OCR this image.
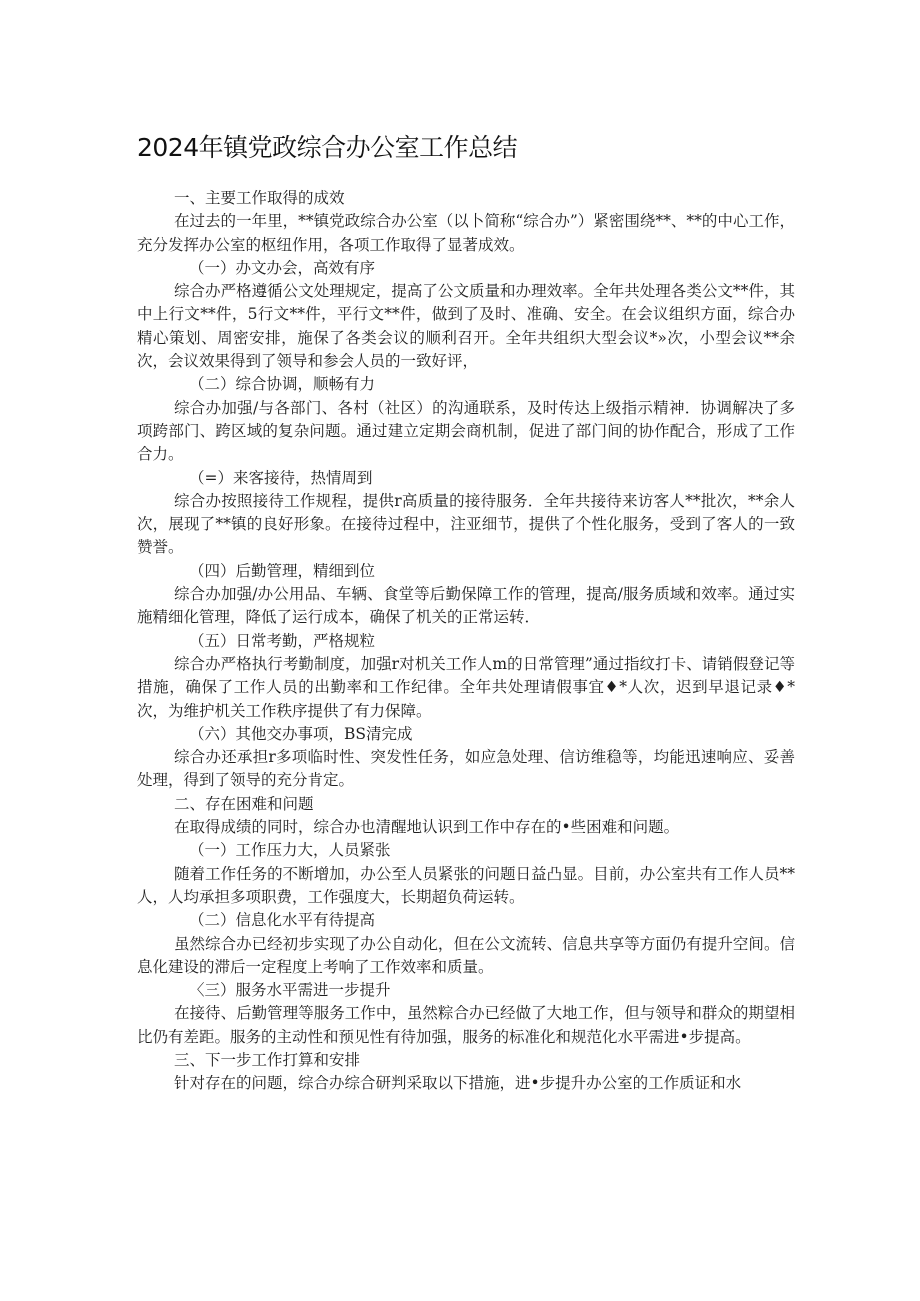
2024年镇党政综合办公室工作总结

一、主要工作取得的成效

在过去的一年里，**镇党政综合办公室（以卜简称“综合办”）紧密围绕**、**的中心工作，充分发挥办公室的枢纽作用，各项工作取得了显著成效。

（一）办文办会，高效有序

综合办严格遵循公文处理规定，提高了公文质量和办理效率。全年共处理各类公文**件，其中上行文**件，5行文**件，平行文**件，做到了及时、准确、安全。在会议组织方面，综合办精心策划、周密安排，施保了各类会议的顺利召开。全年共组织大型会议*»次，小型会议**余次，会议效果得到了领导和参会人员的一致好评，

（二）综合协调，顺畅有力

综合办加强/与各部门、各村（社区）的沟通联系，及时传达上级指示精神．协调解决了多项跨部门、跨区域的复杂问题。通过建立定期会商机制，促进了部门间的协作配合，形成了工作合力。

（=）来客接待，热情周到

综合办按照接待工作规程，提供r高质量的接待服务．全年共接待来访客人**批次，**余人次，展现了**镇的良好形象。在接待过程中，注亚细节，提供了个性化服务，受到了客人的一致赞誉。

（四）后勤管理，精细到位

综合办加强/办公用品、车辆、食堂等后勤保障工作的管理，提高/服务质域和效率。通过实施精细化管理，降低了运行成本，确保了机关的正常运转．

（五）日常考勤，严格规粒

综合办严格执行考勤制度，加强r对机关工作人m的日常管理”通过指纹打卡、请销假登记等措施，确保了工作人员的出勤率和工作纪律。全年共处理请假事宜♦*人次，迟到早退记录♦*次，为维护机关工作秩序提供了有力保障。

（六）其他交办事项，BS清完成

综合办还承担r多项临时性、突发性任务，如应急处理、信访维稳等，均能迅速响应、妥善处理，得到了领导的充分肯定。

二、存在困难和问题

在取得成绩的同时，综合办也清醒地认识到工作中存在的•些困难和问题。

（一）工作压力大，人员紧张

随着工作任务的不断增加，办公至人员紧张的问题日益凸显。目前，办公室共有工作人员**人，人均承担多项职费，工作强度大，长期超负荷运转。

（二）信息化水平有待提高

虽然综合办已经初步实现了办公自动化，但在公文流转、信息共享等方面仍有提升空间。信息化建设的滞后一定程度上考响了工作效率和质量。

〈三）服务水平需进一步提升

在接待、后勤管理等服务工作中，虽然粽合办已经做了大地工作，但与领导和群众的期望相比仍有差距。服务的主动性和预见性有待加强，服务的标准化和规范化水平需进•步提高。

三、下一步工作打算和安排

针对存在的问题，综合办综合研判采取以下措施，进•步提升办公室的工作质证和水
